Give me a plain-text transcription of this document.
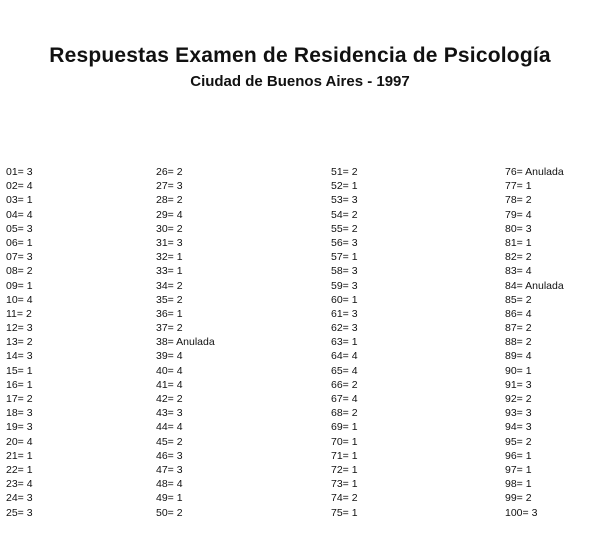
Respuestas Examen de Residencia de Psicología
Ciudad de Buenos Aires - 1997
01= 3
02= 4
03= 1
04= 4
05= 3
06= 1
07= 3
08= 2
09= 1
10= 4
11= 2
12= 3
13= 2
14= 3
15= 1
16= 1
17= 2
18= 3
19= 3
20= 4
21= 1
22= 1
23= 4
24= 3
25= 3
26= 2
27= 3
28= 2
29= 4
30= 2
31= 3
32= 1
33= 1
34= 2
35= 2
36= 1
37= 2
38= Anulada
39= 4
40= 4
41= 4
42= 2
43= 3
44= 4
45= 2
46= 3
47= 3
48= 4
49= 1
50= 2
51= 2
52= 1
53= 3
54= 2
55= 2
56= 3
57= 1
58= 3
59= 3
60= 1
61= 3
62= 3
63= 1
64= 4
65= 4
66= 2
67= 4
68= 2
69= 1
70= 1
71= 1
72= 1
73= 1
74= 2
75= 1
76= Anulada
77= 1
78= 2
79= 4
80= 3
81= 1
82= 2
83= 4
84= Anulada
85= 2
86= 4
87= 2
88= 2
89= 4
90= 1
91= 3
92= 2
93= 3
94= 3
95= 2
96= 1
97= 1
98= 1
99= 2
100= 3
